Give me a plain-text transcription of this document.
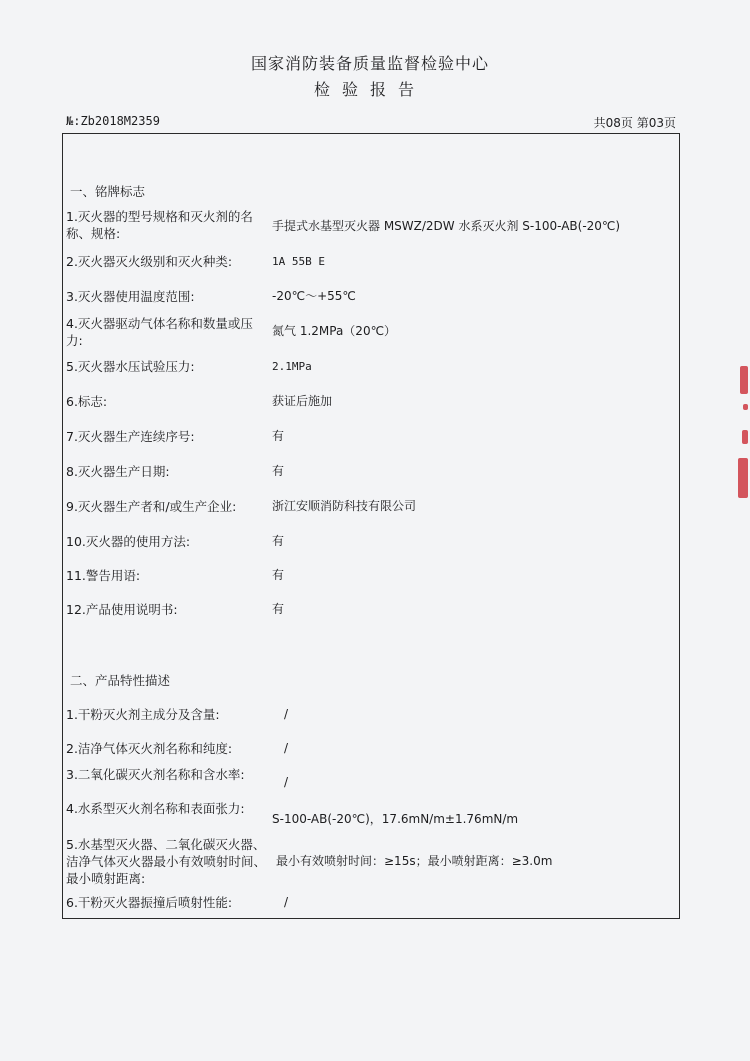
国家消防装备质量监督检验中心
检验报告
№:Zb2018M2359	共08页 第03页
一、铭牌标志
1.灭火器的型号规格和灭火剂的名称、规格:	手提式水基型灭火器 MSWZ/2DW 水系灭火剂 S-100-AB(-20℃)
2.灭火器灭火级别和灭火种类:	1A 55B E
3.灭火器使用温度范围:	-20℃～+55℃
4.灭火器驱动气体名称和数量或压力:
氮气 1.2MPa（20℃）
5.灭火器水压试验压力:	2.1MPa
6.标志:	获证后施加
7.灭火器生产连续序号:	有
8.灭火器生产日期:	有
9.灭火器生产者和/或生产企业:	浙江安顺消防科技有限公司
10.灭火器的使用方法:	有
11.警告用语:	有
12.产品使用说明书:	有
二、产品特性描述
1.干粉灭火剂主成分及含量:	/
2.洁净气体灭火剂名称和纯度:	/
3.二氧化碳灭火剂名称和含水率:	/
4.水系型灭火剂名称和表面张力:
S-100-AB(-20℃)，17.6mN/m±1.76mN/m
5.水基型灭火器、二氧化碳灭火器、洁净气体灭火器最小有效喷射时间、最小喷射距离:
最小有效喷射时间：≥15s；最小喷射距离：≥3.0m
6.干粉灭火器振撞后喷射性能:	/
